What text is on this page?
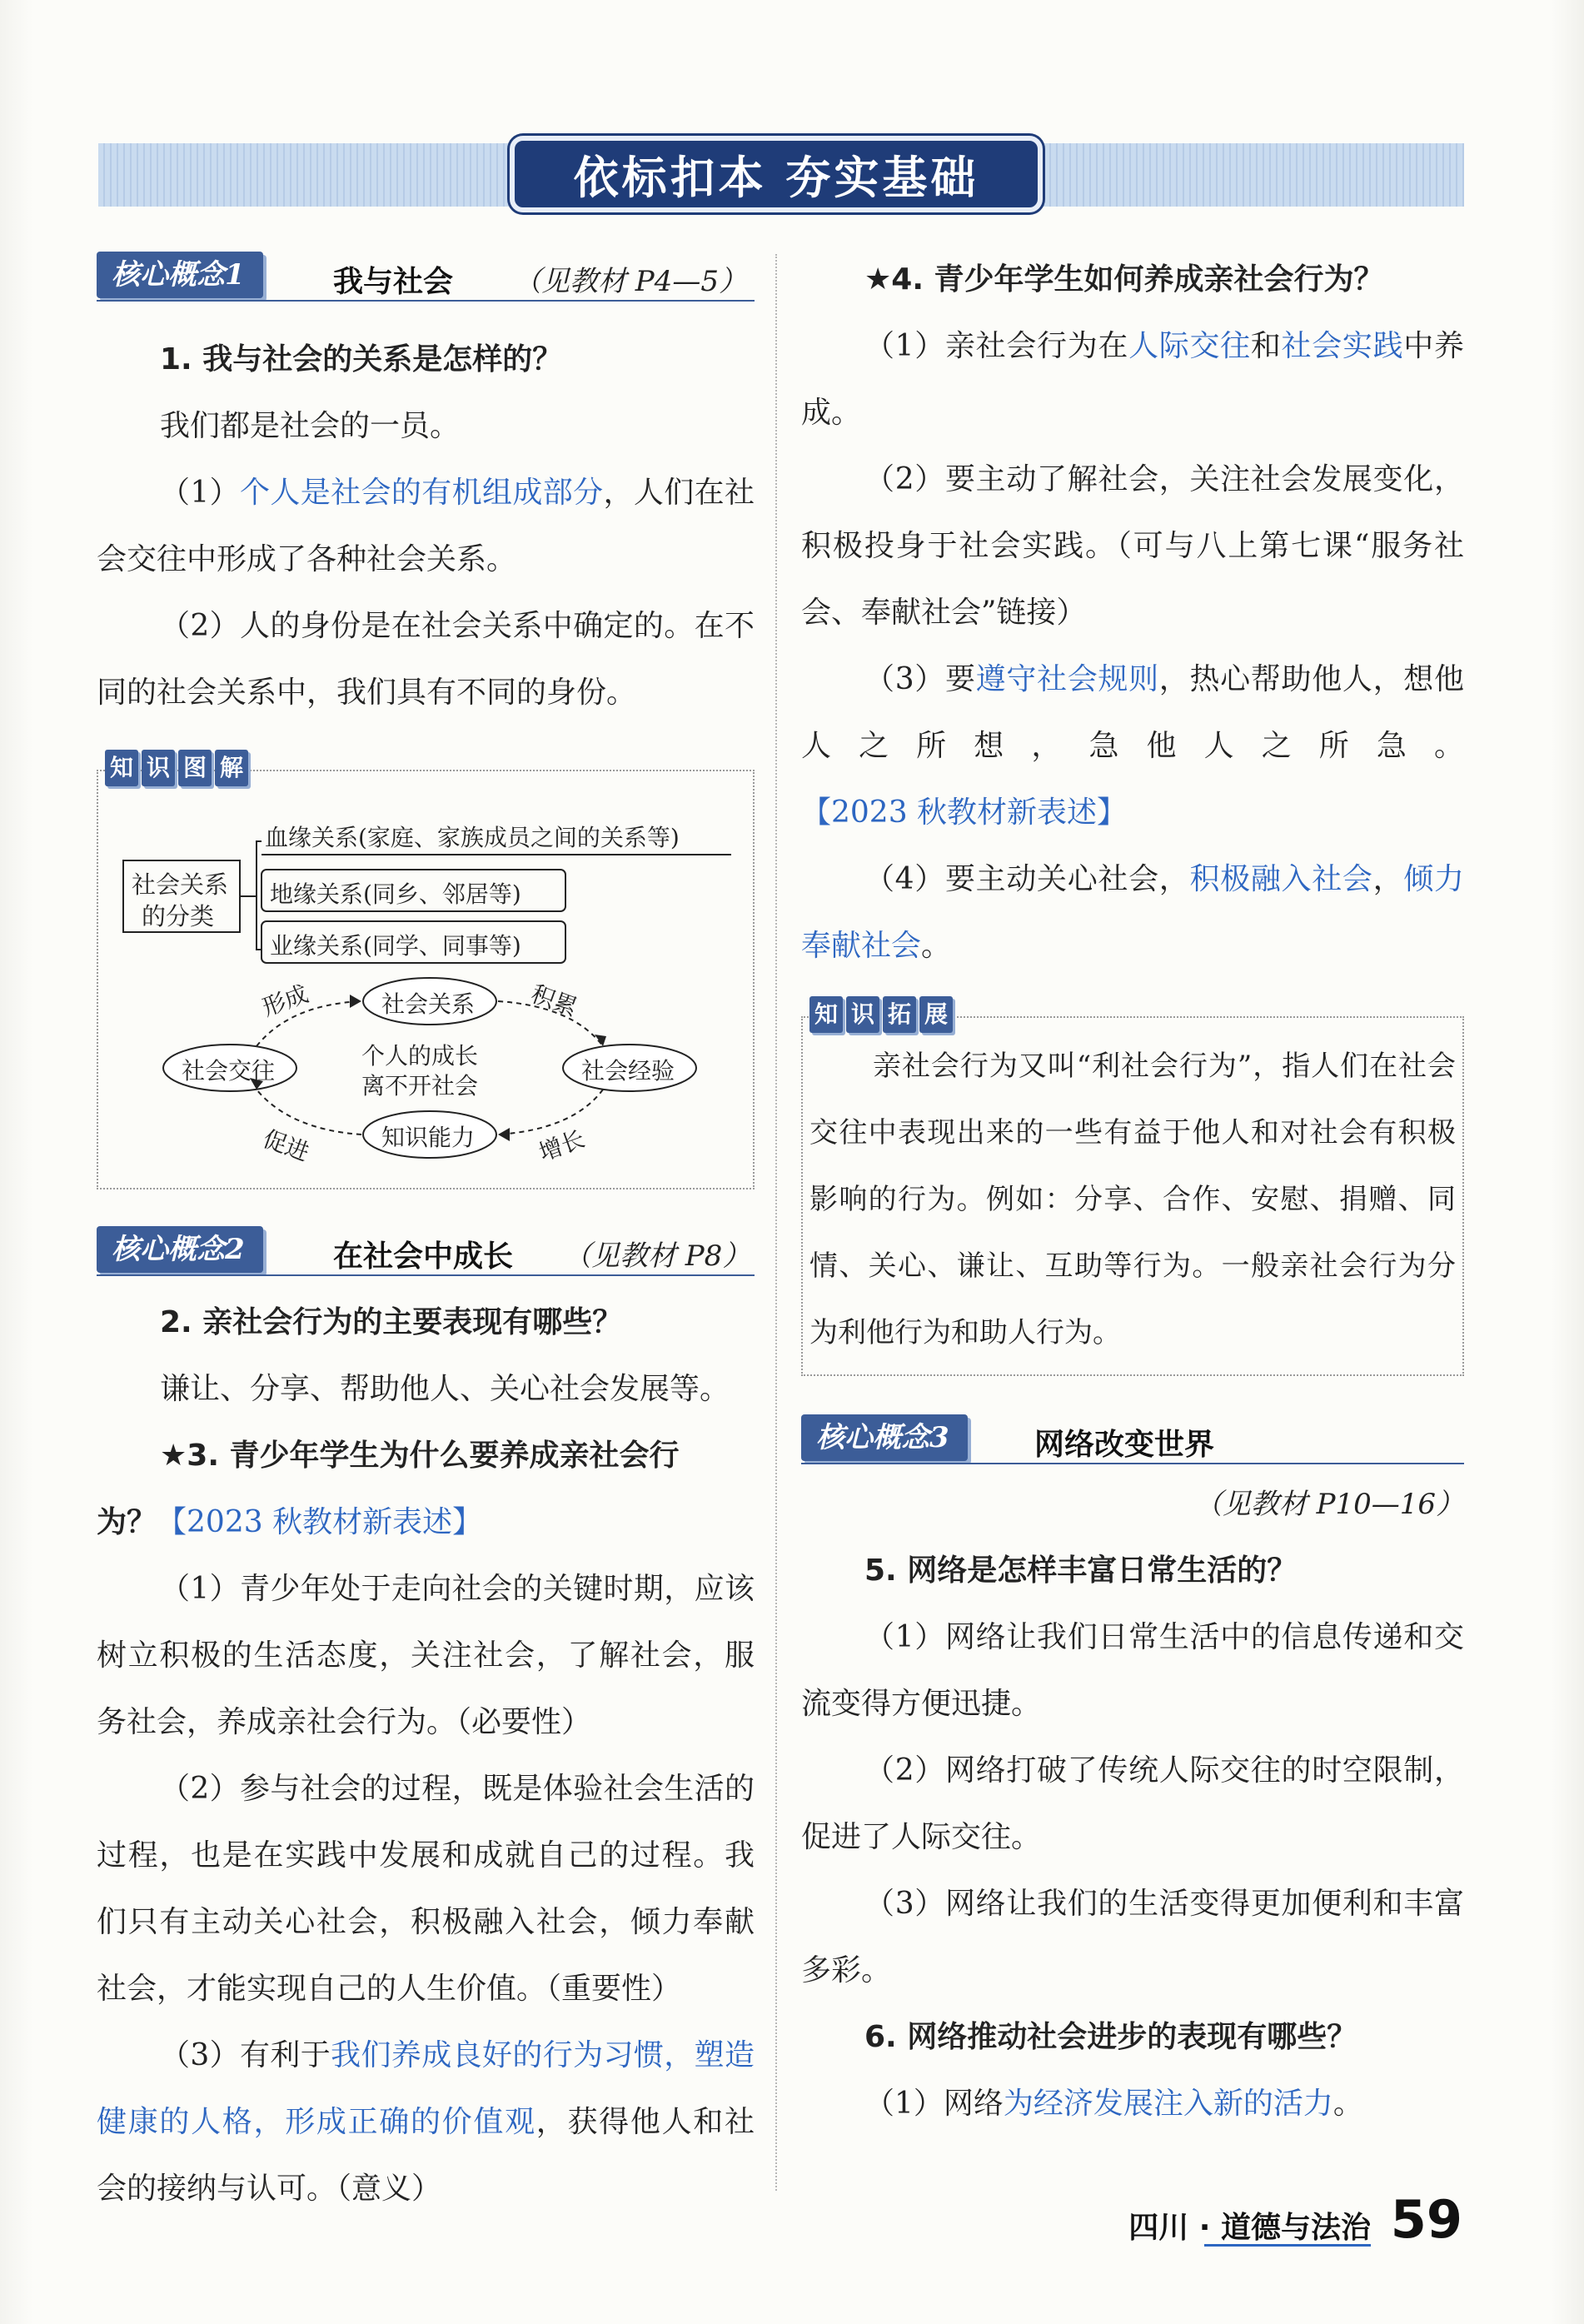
依标扣本 夯实基础
核心概念1	我与社会 （见教材 P4—5）

1. 我与社会的关系是怎样的？

我们都是社会的一员。

（1）个人是社会的有机组成部分，人们在社会交往中形成了各种社会关系。

（2）人的身份是在社会关系中确定的。在不同的社会关系中，我们具有不同的身份。

知 识 图 解
社会关系
的分类
血缘关系(家庭、家族成员之间的关系等)
地缘关系(同乡、邻居等)
业缘关系(同学、同事等)
社会关系
社会交往	社会经验
知识能力
个人的成长
离不开社会
形成	积累
增长
促进
核心概念2	在社会中成长 （见教材 P8）

2. 亲社会行为的主要表现有哪些？

谦让、分享、帮助他人、关心社会发展等。

★3. 青少年学生为什么要养成亲社会行

为？【2023 秋教材新表述】

（1）青少年处于走向社会的关键时期，应该树立积极的生活态度，关注社会，了解社会，服务社会，养成亲社会行为。（必要性）

（2）参与社会的过程，既是体验社会生活的过程，也是在实践中发展和成就自己的过程。我们只有主动关心社会，积极融入社会，倾力奉献社会，才能实现自己的人生价值。（重要性）

（3）有利于我们养成良好的行为习惯，塑造健康的人格，形成正确的价值观，获得他人和社会的接纳与认可。（意义）

★4. 青少年学生如何养成亲社会行为？

（1）亲社会行为在人际交往和社会实践中养成。

（2）要主动了解社会，关注社会发展变化，积极投身于社会实践。（可与八上第七课“服务社会、奉献社会”链接）

（3）要遵守社会规则，热心帮助他人，想他人之所想，急他人之所急。【2023 秋教材新表述】

（4）要主动关心社会，积极融入社会，倾力奉献社会。

知 识 拓 展

亲社会行为又叫“利社会行为”，指人们在社会交往中表现出来的一些有益于他人和对社会有积极影响的行为。例如：分享、合作、安慰、捐赠、同情、关心、谦让、互助等行为。一般亲社会行为分为利他行为和助人行为。

核心概念3	网络改变世界

（见教材 P10—16）

5. 网络是怎样丰富日常生活的？

（1）网络让我们日常生活中的信息传递和交流变得方便迅捷。

（2）网络打破了传统人际交往的时空限制，促进了人际交往。

（3）网络让我们的生活变得更加便利和丰富多彩。

6. 网络推动社会进步的表现有哪些？

（1）网络为经济发展注入新的活力。

四川 · 道德与法治 59
